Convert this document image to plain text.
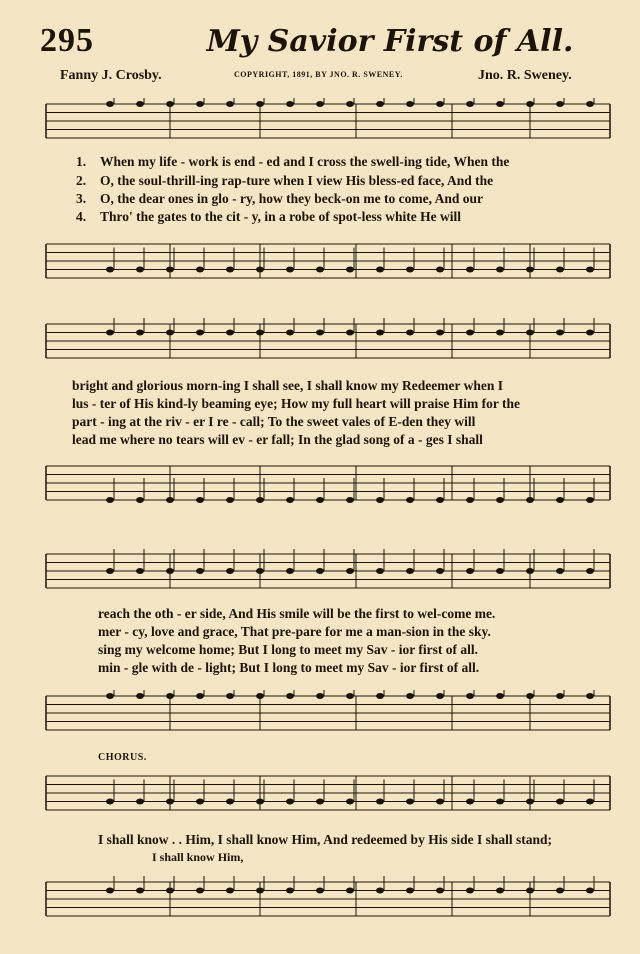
295	My Savior First of All.
Fanny J. Crosby.	COPYRIGHT, 1891, BY JNO. R. SWENEY.	Jno. R. Sweney.
1. When my life - work is end - ed and I cross the swell-ing tide, When the
2. O, the soul-thrill-ing rap-ture when I view His bless-ed face, And the
3. O, the dear ones in glo - ry, how they beck-on me to come, And our
4. Thro' the gates to the cit - y, in a robe of spot-less white He will
bright and glorious morn-ing I shall see, I shall know my Redeemer when I
lus - ter of His kind-ly beaming eye; How my full heart will praise Him for the
part - ing at the riv - er I re - call; To the sweet vales of E-den they will
lead me where no tears will ev - er fall; In the glad song of a - ges I shall
reach the oth - er side, And His smile will be the first to wel-come me.
mer - cy, love and grace, That pre-pare for me a man-sion in the sky.
sing my welcome home; But I long to meet my Sav - ior first of all.
min - gle with de - light; But I long to meet my Sav - ior first of all.
CHORUS.
I shall know . . Him, I shall know Him, And redeemed by His side I shall stand;
I shall know Him,
